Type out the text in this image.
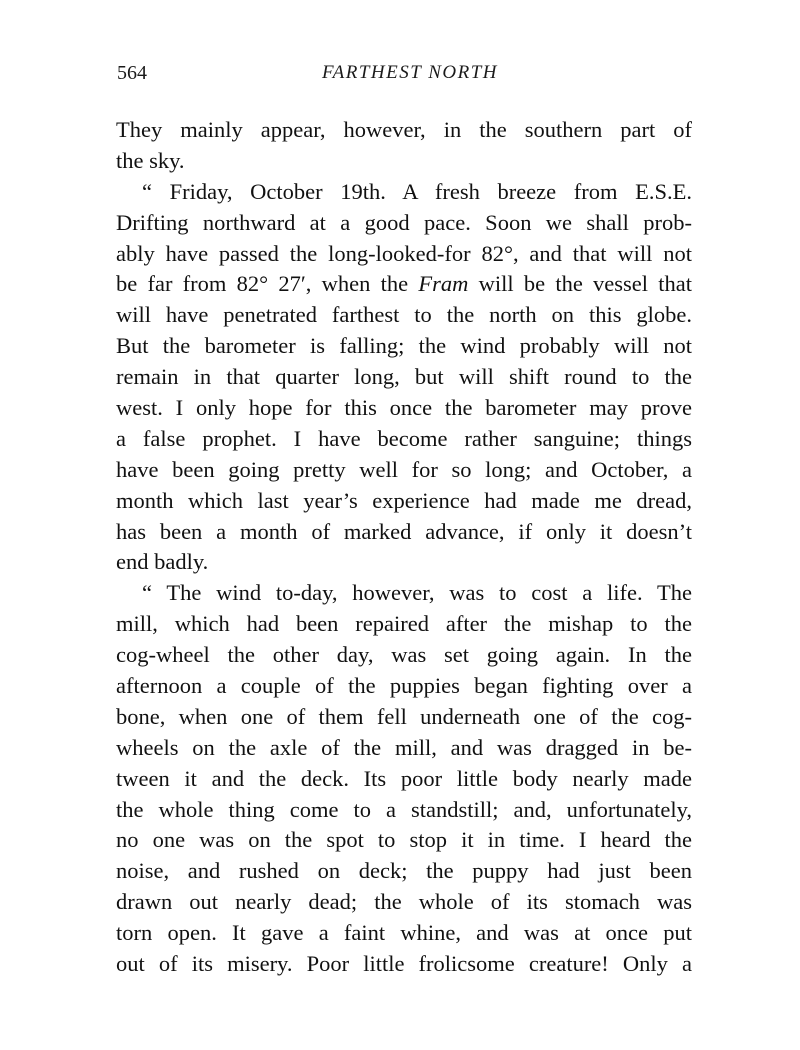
564	FARTHEST NORTH
They mainly appear, however, in the southern part of
the sky.
“ Friday, October 19th. A fresh breeze from E.S.E.
Drifting northward at a good pace. Soon we shall prob-
ably have passed the long-looked-for 82°, and that will not
be far from 82° 27′, when the Fram will be the vessel that
will have penetrated farthest to the north on this globe.
But the barometer is falling; the wind probably will not
remain in that quarter long, but will shift round to the
west. I only hope for this once the barometer may prove
a false prophet. I have become rather sanguine; things
have been going pretty well for so long; and October, a
month which last year’s experience had made me dread,
has been a month of marked advance, if only it doesn’t
end badly.
“ The wind to-day, however, was to cost a life. The
mill, which had been repaired after the mishap to the
cog-wheel the other day, was set going again. In the
afternoon a couple of the puppies began fighting over a
bone, when one of them fell underneath one of the cog-
wheels on the axle of the mill, and was dragged in be-
tween it and the deck. Its poor little body nearly made
the whole thing come to a standstill; and, unfortunately,
no one was on the spot to stop it in time. I heard the
noise, and rushed on deck; the puppy had just been
drawn out nearly dead; the whole of its stomach was
torn open. It gave a faint whine, and was at once put
out of its misery. Poor little frolicsome creature! Only a
